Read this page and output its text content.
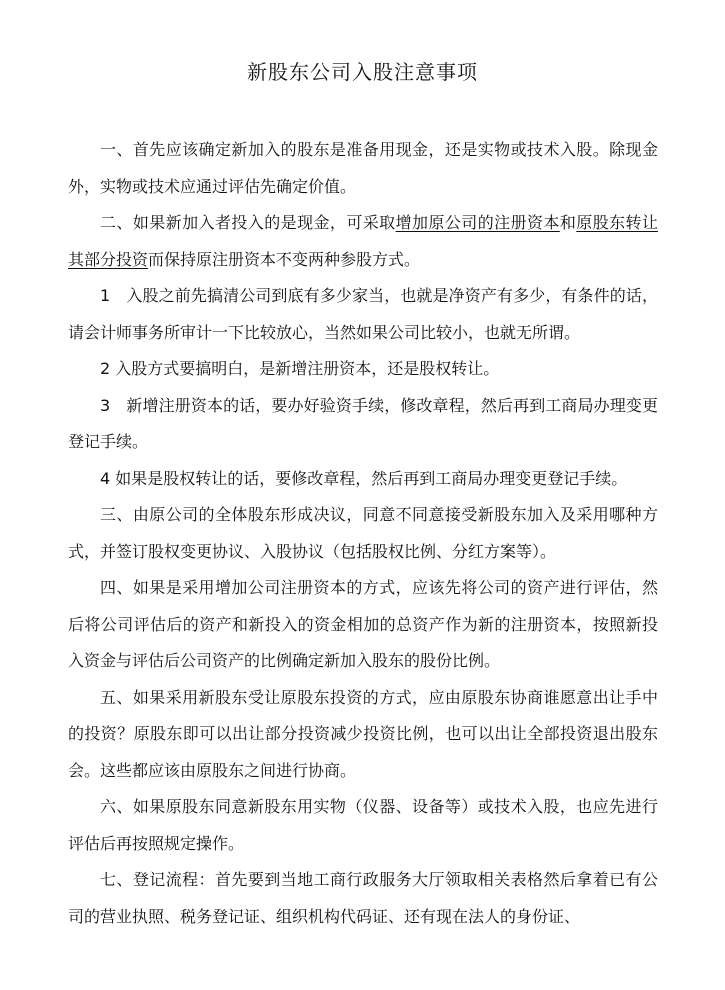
新股东公司入股注意事项

一、首先应该确定新加入的股东是准备用现金，还是实物或技术入股。除现金外，实物或技术应通过评估先确定价值。

二、如果新加入者投入的是现金，可采取增加原公司的注册资本和原股东转让其部分投资而保持原注册资本不变两种参股方式。

1　入股之前先搞清公司到底有多少家当，也就是净资产有多少，有条件的话，请会计师事务所审计一下比较放心，当然如果公司比较小，也就无所谓。

2 入股方式要搞明白，是新增注册资本，还是股权转让。

3　新增注册资本的话，要办好验资手续，修改章程，然后再到工商局办理变更登记手续。

4 如果是股权转让的话，要修改章程，然后再到工商局办理变更登记手续。

三、由原公司的全体股东形成决议，同意不同意接受新股东加入及采用哪种方式，并签订股权变更协议、入股协议（包括股权比例、分红方案等）。

四、如果是采用增加公司注册资本的方式，应该先将公司的资产进行评估，然后将公司评估后的资产和新投入的资金相加的总资产作为新的注册资本，按照新投入资金与评估后公司资产的比例确定新加入股东的股份比例。

五、如果采用新股东受让原股东投资的方式，应由原股东协商谁愿意出让手中的投资？原股东即可以出让部分投资减少投资比例，也可以出让全部投资退出股东会。这些都应该由原股东之间进行协商。

六、如果原股东同意新股东用实物（仪器、设备等）或技术入股，也应先进行评估后再按照规定操作。

七、登记流程：首先要到当地工商行政服务大厅领取相关表格然后拿着已有公司的营业执照、税务登记证、组织机构代码证、还有现在法人的身份证、
